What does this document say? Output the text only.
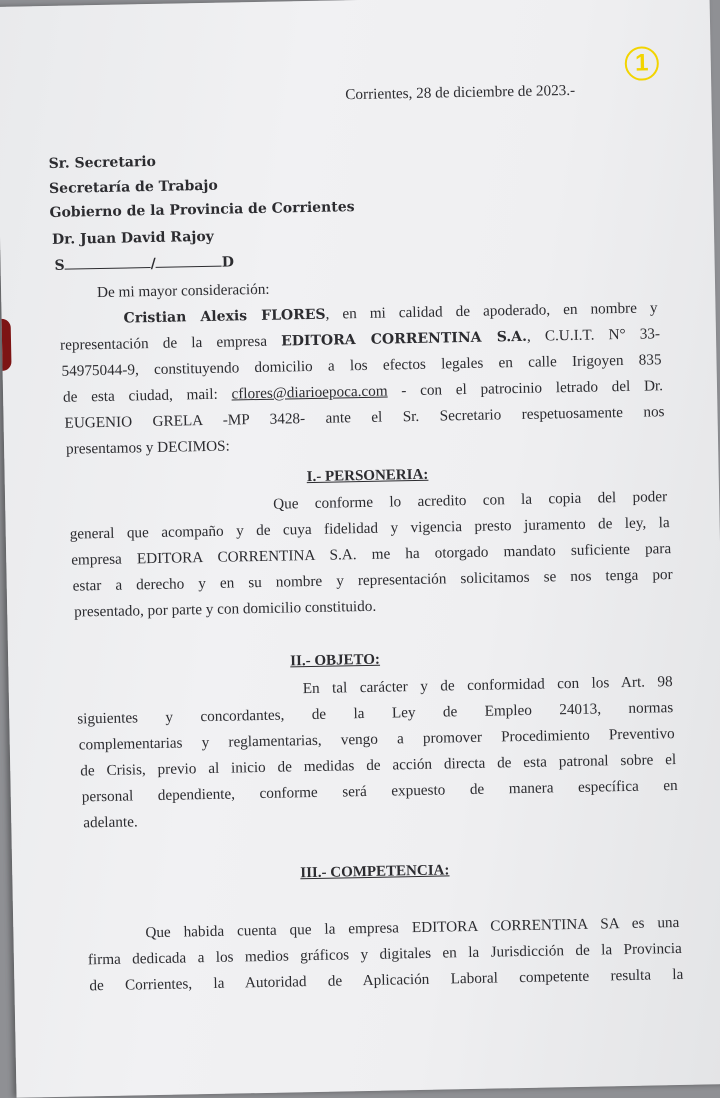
1
Corrientes, 28 de diciembre de 2023.-
Sr. Secretario
Secretaría de Trabajo
Gobierno de la Provincia de Corrientes
Dr. Juan David Rajoy
S	/	D
De mi mayor consideración:
Cristian Alexis FLORES, en mi calidad de apoderado, en nombre y
representación de la empresa EDITORA CORRENTINA S.A., C.U.I.T. N° 33-
54975044-9, constituyendo domicilio a los efectos legales en calle Irigoyen 835
de esta ciudad, mail: cflores@diarioepoca.com - con el patrocinio letrado del Dr.
EUGENIO GRELA -MP 3428- ante el Sr. Secretario respetuosamente nos
presentamos y DECIMOS:
I.- PERSONERIA:
Que conforme lo acredito con la copia del poder
general que acompaño y de cuya fidelidad y vigencia presto juramento de ley, la
empresa EDITORA CORRENTINA S.A. me ha otorgado mandato suficiente para
estar a derecho y en su nombre y representación solicitamos se nos tenga por
presentado, por parte y con domicilio constituido.
II.- OBJETO:
En tal carácter y de conformidad con los Art. 98
siguientes y concordantes, de la Ley de Empleo 24013, normas
complementarias y reglamentarias, vengo a promover Procedimiento Preventivo
de Crisis, previo al inicio de medidas de acción directa de esta patronal sobre el
personal dependiente, conforme será expuesto de manera específica en
adelante.
III.- COMPETENCIA:
Que habida cuenta que la empresa EDITORA CORRENTINA SA es una
firma dedicada a los medios gráficos y digitales en la Jurisdicción de la Provincia
de Corrientes, la Autoridad de Aplicación Laboral competente resulta la
